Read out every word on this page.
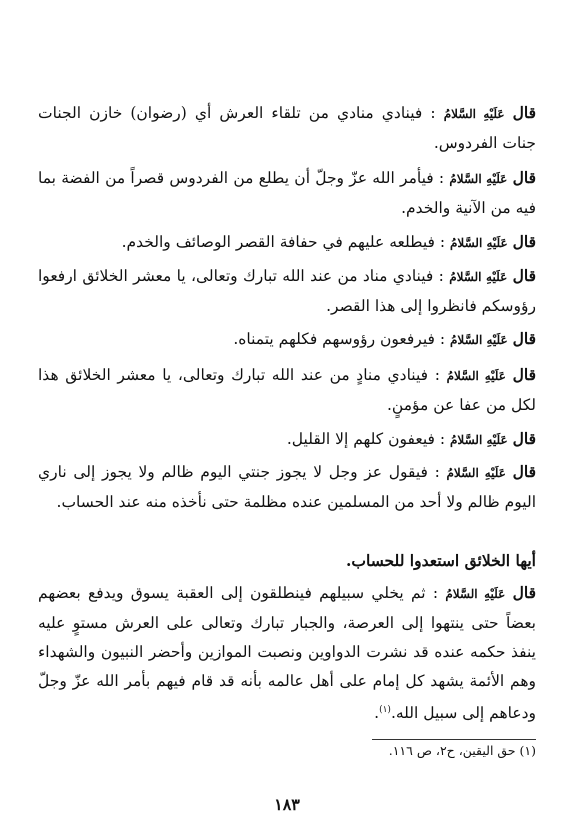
قال عَلَيْهِ السَّلامُ : فينادي منادي من تلقاء العرش أي (رضوان) خازن الجنات جنات الفردوس.

قال عَلَيْهِ السَّلامُ : فيأمر الله عزّ وجلّ أن يطلع من الفردوس قصراً من الفضة بما فيه من الآنية والخدم.

قال عَلَيْهِ السَّلامُ : فيطلعه عليهم في حفافة القصر الوصائف والخدم.

قال عَلَيْهِ السَّلامُ : فينادي مناد من عند الله تبارك وتعالى، يا معشر الخلائق ارفعوا رؤوسكم فانظروا إلى هذا القصر.

قال عَلَيْهِ السَّلامُ : فيرفعون رؤوسهم فكلهم يتمناه.

قال عَلَيْهِ السَّلامُ : فينادي منادٍ من عند الله تبارك وتعالى، يا معشر الخلائق هذا لكل من عفا عن مؤمنٍ.

قال عَلَيْهِ السَّلامُ : فيعفون كلهم إلا القليل.

قال عَلَيْهِ السَّلامُ : فيقول عز وجل لا يجوز جنتي اليوم ظالم ولا يجوز إلى ناري اليوم ظالم ولا أحد من المسلمين عنده مظلمة حتى نأخذه منه عند الحساب.

أيها الخلائق استعدوا للحساب.

قال عَلَيْهِ السَّلامُ : ثم يخلي سبيلهم فينطلقون إلى العقبة يسوق ويدفع بعضهم بعضاً حتى ينتهوا إلى العرصة، والجبار تبارك وتعالى على العرش مستوٍ عليه ينفذ حكمه عنده قد نشرت الدواوين ونصبت الموازين وأحضر النبيون والشهداء وهم الأئمة يشهد كل إمام على أهل عالمه بأنه قد قام فيهم بأمر الله عزّ وجلّ ودعاهم إلى سبيل الله.$^{(١)}$.

(١) حق اليقين، ح٢، ص ١١٦.
١٨٣
